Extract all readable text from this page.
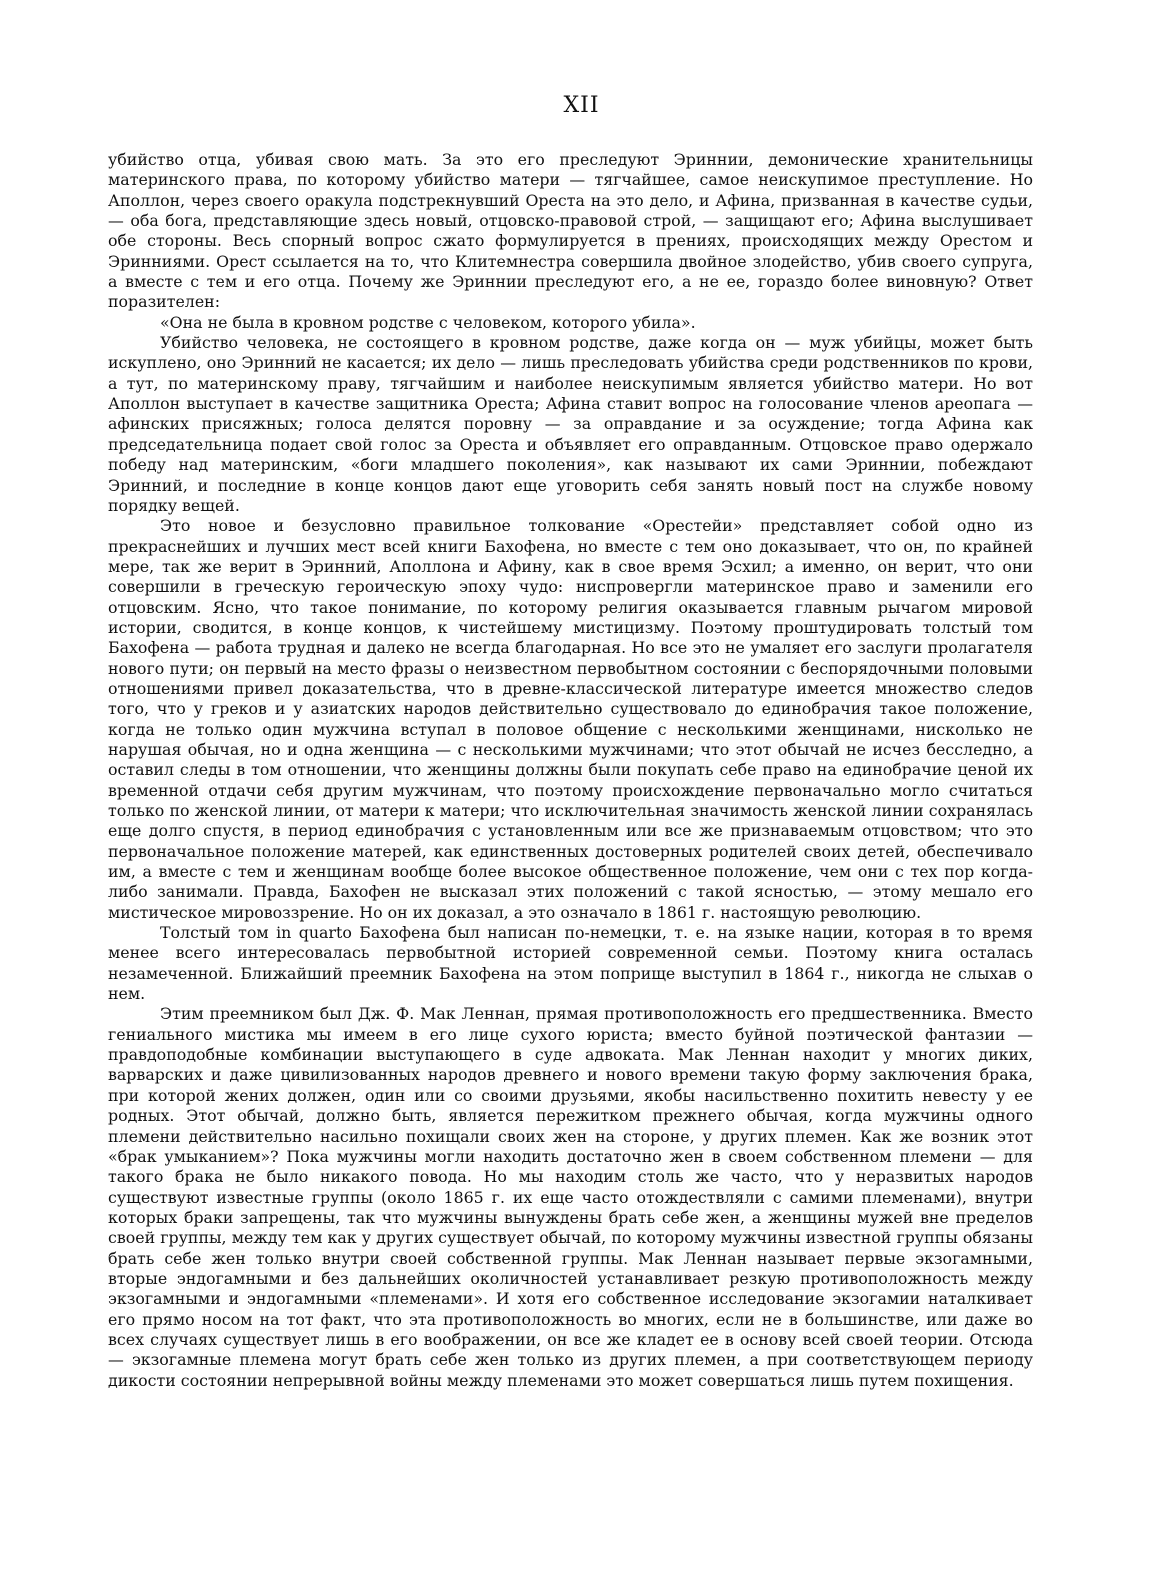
XII

убийство отца, убивая свою мать. За это его преследуют Эриннии, демонические хранительницы материнского права, по которому убийство матери — тягчайшее, самое неискупимое преступление. Но Аполлон, через своего оракула подстрекнувший Ореста на это дело, и Афина, призванная в качестве судьи, — оба бога, представляющие здесь новый, отцовско-правовой строй, — защищают его; Афина выслушивает обе стороны. Весь спорный вопрос сжато формулируется в прениях, происходящих между Орестом и Эринниями. Орест ссылается на то, что Клитемнестра совершила двойное злодейство, убив своего супруга, а вместе с тем и его отца. Почему же Эриннии преследуют его, а не ее, гораздо более виновную? Ответ поразителен:

«Она не была в кровном родстве с человеком, которого убила».

Убийство человека, не состоящего в кровном родстве, даже когда он — муж убийцы, может быть искуплено, оно Эринний не касается; их дело — лишь преследовать убийства среди родственников по крови, а тут, по материнскому праву, тягчайшим и наиболее неискупимым является убийство матери. Но вот Аполлон выступает в качестве защитника Ореста; Афина ставит вопрос на голосование членов ареопага — афинских присяжных; голоса делятся поровну — за оправдание и за осуждение; тогда Афина как председательница подает свой голос за Ореста и объявляет его оправданным. Отцовское право одержало победу над материнским, «боги младшего поколения», как называют их сами Эриннии, побеждают Эринний, и последние в конце концов дают еще уговорить себя занять новый пост на службе новому порядку вещей.

Это новое и безусловно правильное толкование «Орестейи» представляет собой одно из прекраснейших и лучших мест всей книги Бахофена, но вместе с тем оно доказывает, что он, по крайней мере, так же верит в Эринний, Аполлона и Афину, как в свое время Эсхил; а именно, он верит, что они совершили в греческую героическую эпоху чудо: ниспровергли материнское право и заменили его отцовским. Ясно, что такое понимание, по которому религия оказывается главным рычагом мировой истории, сводится, в конце концов, к чистейшему мистицизму. Поэтому проштудировать толстый том Бахофена — работа трудная и далеко не всегда благодарная. Но все это не умаляет его заслуги пролагателя нового пути; он первый на место фразы о неизвестном первобытном состоянии с беспорядочными половыми отношениями привел доказательства, что в древне-классической литературе имеется множество следов того, что у греков и у азиатских народов действительно существовало до единобрачия такое положение, когда не только один мужчина вступал в половое общение с несколькими женщинами, нисколько не нарушая обычая, но и одна женщина — с несколькими мужчинами; что этот обычай не исчез бесследно, а оставил следы в том отношении, что женщины должны были покупать себе право на единобрачие ценой их временной отдачи себя другим мужчинам, что поэтому происхождение первоначально могло считаться только по женской линии, от матери к матери; что исключительная значимость женской линии сохранялась еще долго спустя, в период единобрачия с установленным или все же признаваемым отцовством; что это первоначальное положение матерей, как единственных достоверных родителей своих детей, обеспечивало им, а вместе с тем и женщинам вообще более высокое общественное положение, чем они с тех пор когда-либо занимали. Правда, Бахофен не высказал этих положений с такой ясностью, — этому мешало его мистическое мировоззрение. Но он их доказал, а это означало в 1861 г. настоящую революцию.

Толстый том in quarto Бахофена был написан по-немецки, т. е. на языке нации, которая в то время менее всего интересовалась первобытной историей современной семьи. Поэтому книга осталась незамеченной. Ближайший преемник Бахофена на этом поприще выступил в 1864 г., никогда не слыхав о нем.

Этим преемником был Дж. Ф. Мак Леннан, прямая противоположность его предшественника. Вместо гениального мистика мы имеем в его лице сухого юриста; вместо буйной поэтической фантазии — правдоподобные комбинации выступающего в суде адвоката. Мак Леннан находит у многих диких, варварских и даже цивилизованных народов древнего и нового времени такую форму заключения брака, при которой жених должен, один или со своими друзьями, якобы насильственно похитить невесту у ее родных. Этот обычай, должно быть, является пережитком прежнего обычая, когда мужчины одного племени действительно насильно похищали своих жен на стороне, у других племен. Как же возник этот «брак умыканием»? Пока мужчины могли находить достаточно жен в своем собственном племени — для такого брака не было никакого повода. Но мы находим столь же часто, что у неразвитых народов существуют известные группы (около 1865 г. их еще часто отождествляли с самими племенами), внутри которых браки запрещены, так что мужчины вынуждены брать себе жен, а женщины мужей вне пределов своей группы, между тем как у других существует обычай, по которому мужчины известной группы обязаны брать себе жен только внутри своей собственной группы. Мак Леннан называет первые экзогамными, вторые эндогамными и без дальнейших околичностей устанавливает резкую противоположность между экзогамными и эндогамными «племенами». И хотя его собственное исследование экзогамии наталкивает его прямо носом на тот факт, что эта противоположность во многих, если не в большинстве, или даже во всех случаях существует лишь в его воображении, он все же кладет ее в основу всей своей теории. Отсюда — экзогамные племена могут брать себе жен только из других племен, а при соответствующем периоду дикости состоянии непрерывной войны между племенами это может совершаться лишь путем похищения.
